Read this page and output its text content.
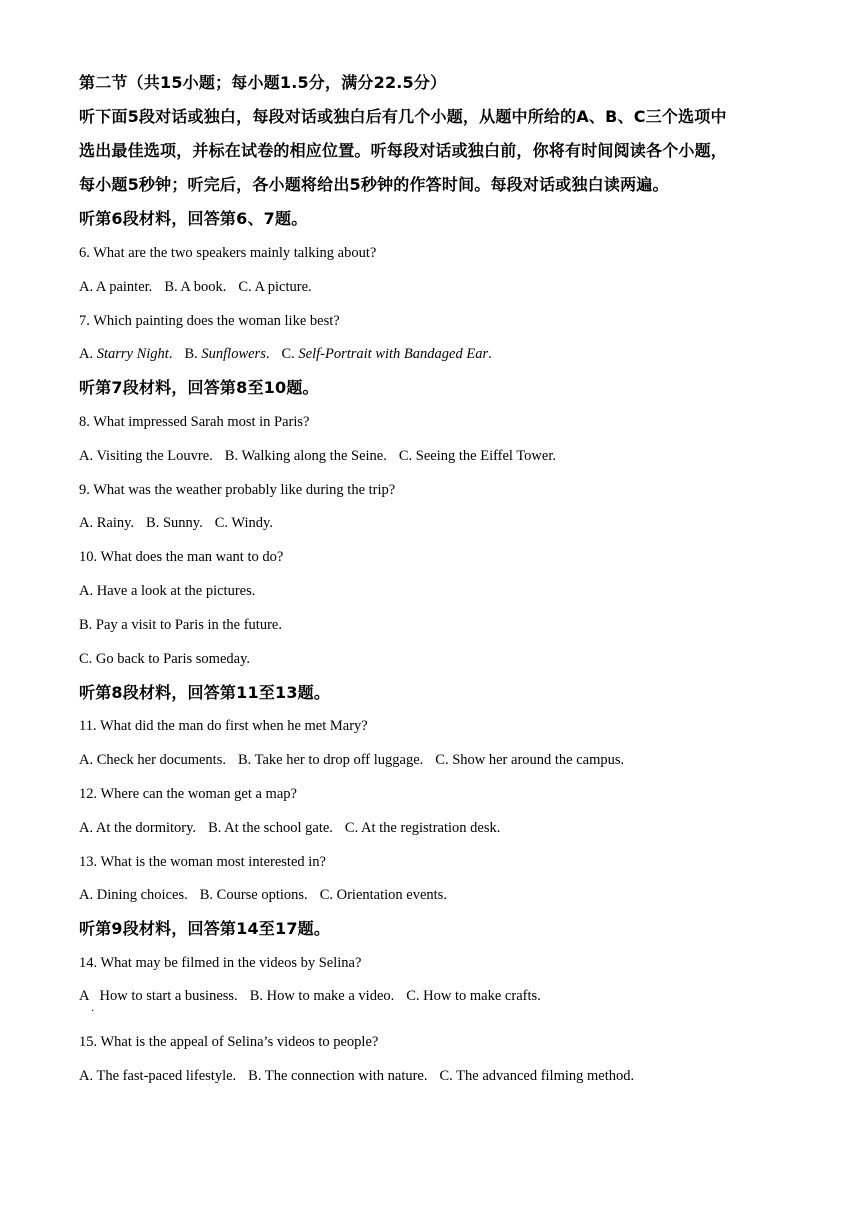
第二节（共15小题；每小题1.5分，满分22.5分）
听下面5段对话或独白，每段对话或独白后有几个小题，从题中所给的A、B、C三个选项中
选出最佳选项，并标在试卷的相应位置。听每段对话或独白前，你将有时间阅读各个小题，
每小题5秒钟；听完后，各小题将给出5秒钟的作答时间。每段对话或独白读两遍。
听第6段材料，回答第6、7题。
6. What are the two speakers mainly talking about?
A. A painter. B. A book. C. A picture.
7. Which painting does the woman like best?
A. Starry Night. B. Sunflowers. C. Self-Portrait with Bandaged Ear.
听第7段材料，回答第8至10题。
8. What impressed Sarah most in Paris?
A. Visiting the Louvre. B. Walking along the Seine. C. Seeing the Eiffel Tower.
9. What was the weather probably like during the trip?
A. Rainy. B. Sunny. C. Windy.
10. What does the man want to do?
A. Have a look at the pictures.
B. Pay a visit to Paris in the future.
C. Go back to Paris someday.
听第8段材料，回答第11至13题。
11. What did the man do first when he met Mary?
A. Check her documents. B. Take her to drop off luggage. C. Show her around the campus.
12. Where can the woman get a map?
A. At the dormitory. B. At the school gate. C. At the registration desk.
13. What is the woman most interested in?
A. Dining choices. B. Course options. C. Orientation events.
听第9段材料，回答第14至17题。
14. What may be filmed in the videos by Selina?
A   How to start a business. B. How to make a video. C. How to make crafts.
·
15. What is the appeal of Selina’s videos to people?
A. The fast-paced lifestyle. B. The connection with nature. C. The advanced filming method.
